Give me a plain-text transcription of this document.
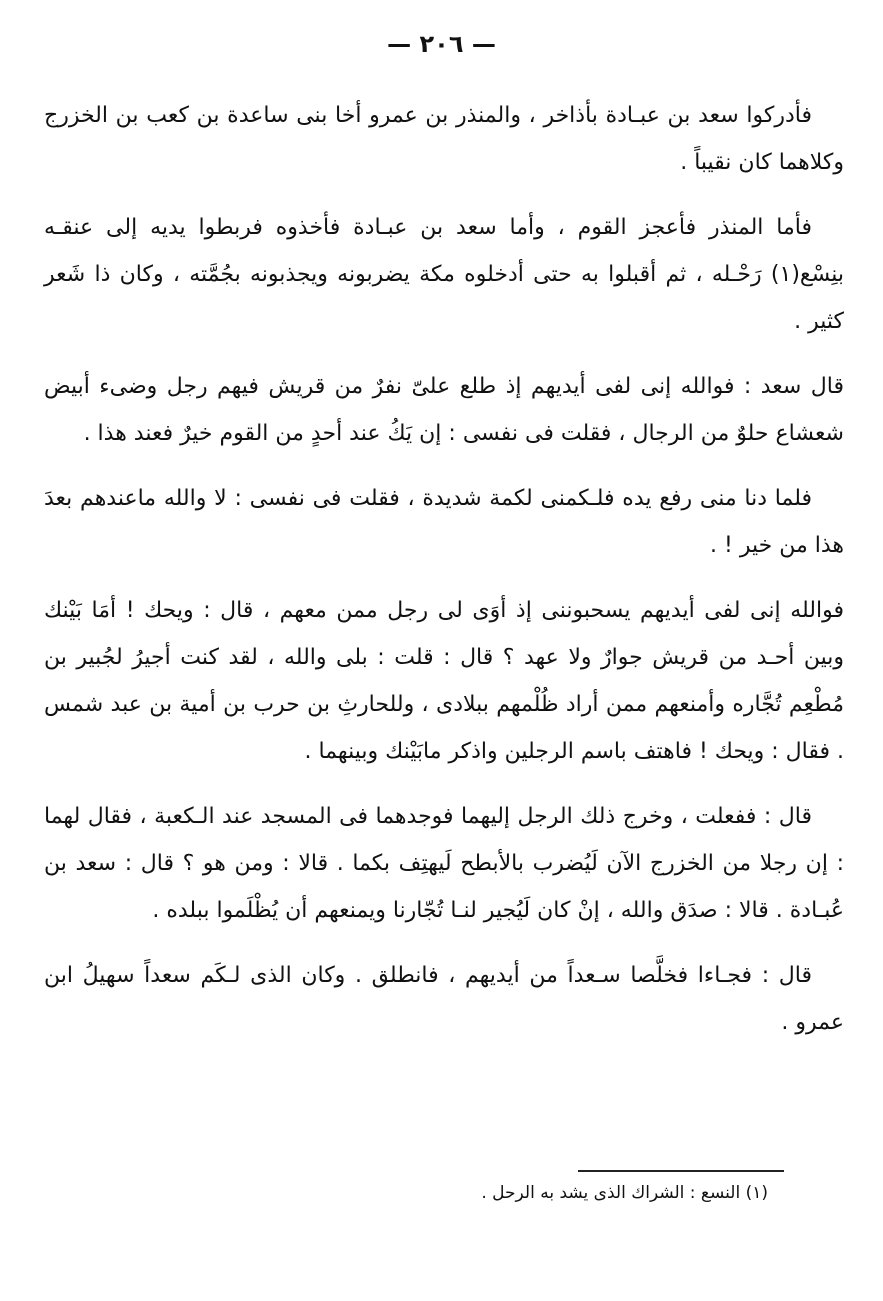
— ٢٠٦ —

فأدركوا سعد بن عبـادة بأذاخر ، والمنذر بن عمرو أخا بنى ساعدة بن كعب بن الخزرج وكلاهما كان نقيباً .

فأما المنذر فأعجز القوم ، وأما سعد بن عبـادة فأخذوه فربطوا يديه إلى عنقـه بنِسْع(١) رَحْـله ، ثم أقبلوا به حتى أدخلوه مكة يضربونه ويجذبونه بجُمَّته ، وكان ذا شَعر كثير .

قال سعد : فوالله إنى لفى أيديهم إذ طلع علىّ نفرٌ من قريش فيهم رجل وضىء أبيض شعشاع حلوٌ من الرجال ، فقلت فى نفسى : إن يَكُ عند أحدٍ من القوم خيرٌ فعند هذا .

فلما دنا منى رفع يده فلـكمنى لكمة شديدة ، فقلت فى نفسى : لا والله ماعندهم بعدَ هذا من خير ! .

فوالله إنى لفى أيديهم يسحبوننى إذ أوَى لى رجل ممن معهم ، قال : ويحك ! أمَا بَيْنك وبين أحـد من قريش جوارٌ ولا عهد ؟ قال : قلت : بلى والله ، لقد كنت أجيرُ لجُبير بن مُطْعِم تُجَّاره وأمنعهم ممن أراد ظُلْمهم ببلادى ، وللحارثِ بن حرب بن أمية بن عبد شمس . فقال : ويحك ! فاهتف باسم الرجلين واذكر مابَيْنك وبينهما .

قال : ففعلت ، وخرج ذلك الرجل إليهما فوجدهما فى المسجد عند الـكعبة ، فقال لهما : إن رجلا من الخزرج الآن لَيُضرب بالأبطح لَيهتِف بكما . قالا : ومن هو ؟ قال : سعد بن عُبـادة . قالا : صدَق والله ، إنْ كان لَيُجير لنـا تُجّارنا ويمنعهم أن يُظْلَموا ببلده .

قال : فجـاءا فخلَّصا سـعداً من أيديهم ، فانطلق . وكان الذى لـكَم سعداً سهيلُ ابن عمرو .

(١) النسع : الشراك الذى يشد به الرحل .
